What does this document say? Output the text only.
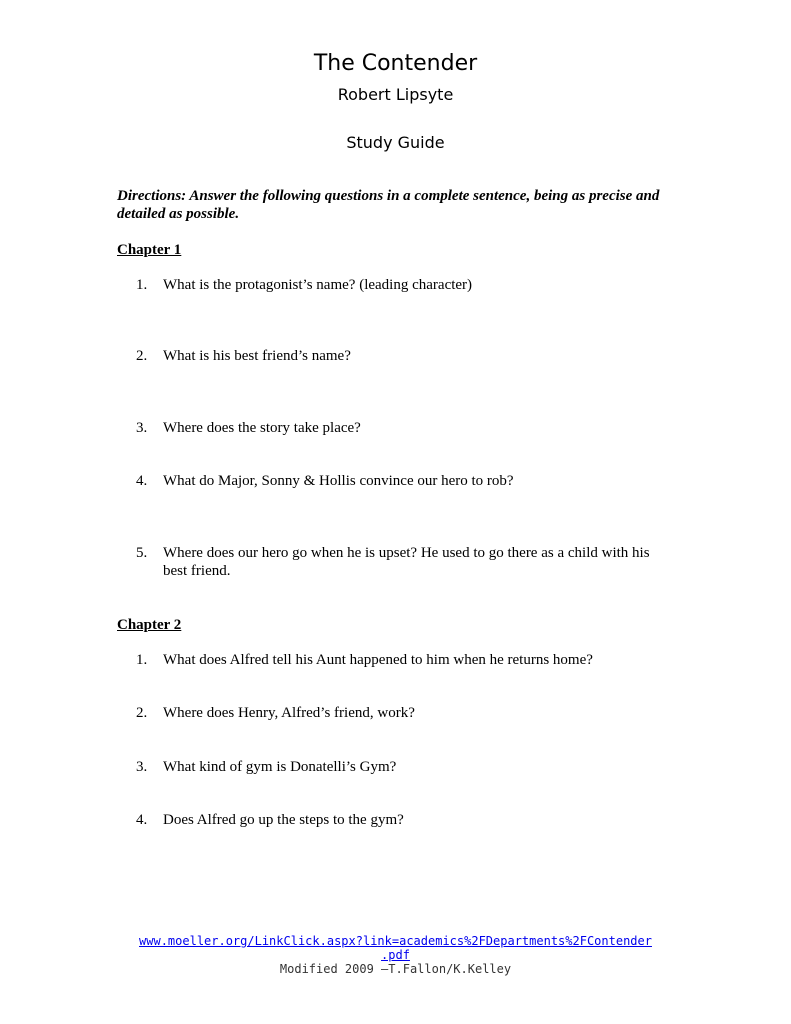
The Contender
Robert Lipsyte
Study Guide
Directions: Answer the following questions in a complete sentence, being as precise and detailed as possible.
Chapter 1
1.	What is the protagonist’s name? (leading character)
2.	What is his best friend’s name?
3.	Where does the story take place?
4.	What do Major, Sonny & Hollis convince our hero to rob?
5.	Where does our hero go when he is upset? He used to go there as a child with his best friend.
Chapter 2
1.	What does Alfred tell his Aunt happened to him when he returns home?
2.	Where does Henry, Alfred’s friend, work?
3.	What kind of gym is Donatelli’s Gym?
4.	Does Alfred go up the steps to the gym?
www.moeller.org/LinkClick.aspx?link=academics%2FDepartments%2FContender
.pdf
Modified 2009 –T.Fallon/K.Kelley
